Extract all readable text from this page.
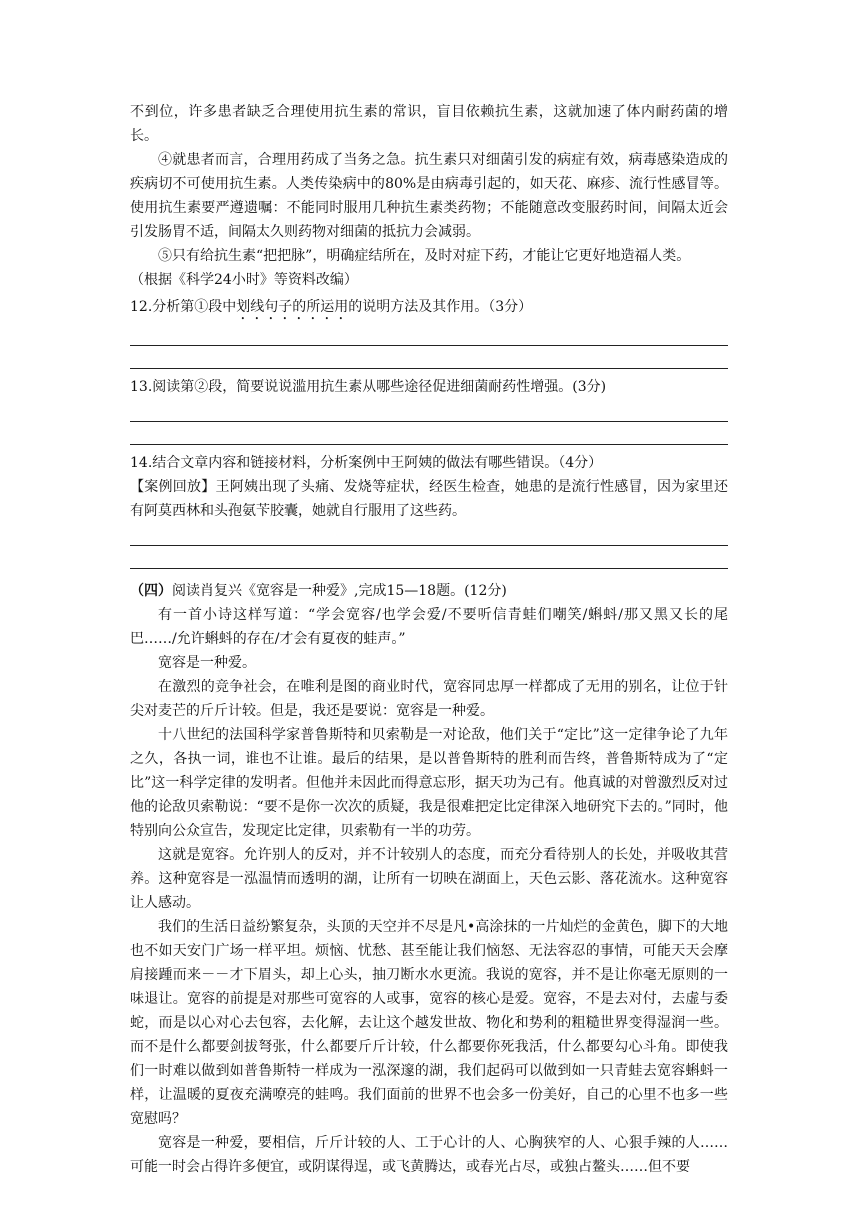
不到位，许多患者缺乏合理使用抗生素的常识，盲目依赖抗生素，这就加速了体内耐药菌的增长。

④就患者而言，合理用药成了当务之急。抗生素只对细菌引发的病症有效，病毒感染造成的疾病切不可使用抗生素。人类传染病中的80%是由病毒引起的，如天花、麻疹、流行性感冒等。使用抗生素要严遵遗嘱：不能同时服用几种抗生素类药物；不能随意改变服药时间，间隔太近会引发肠胃不适，间隔太久则药物对细菌的抵抗力会减弱。

⑤只有给抗生素“把把脉”，明确症结所在，及时对症下药，才能让它更好地造福人类。

（根据《科学24小时》等资料改编）

12.分析第①段中划线句子的所运用的说明方法及其作用。（3分）

13.阅读第②段，简要说说滥用抗生素从哪些途径促进细菌耐药性增强。(3分)

14.结合文章内容和链接材料，分析案例中王阿姨的做法有哪些错误。（4分）

【案例回放】王阿姨出现了头痛、发烧等症状，经医生检查，她患的是流行性感冒，因为家里还有阿莫西林和头孢氨苄胶囊，她就自行服用了这些药。

（四）阅读肖复兴《宽容是一种爱》,完成15—18题。(12分)

有一首小诗这样写道：“学会宽容/也学会爱/不要听信青蛙们嘲笑/蝌蚪/那又黑又长的尾巴……/允许蝌蚪的存在/才会有夏夜的蛙声。”

宽容是一种爱。

在激烈的竞争社会，在唯利是图的商业时代，宽容同忠厚一样都成了无用的别名，让位于针尖对麦芒的斤斤计较。但是，我还是要说：宽容是一种爱。

十八世纪的法国科学家普鲁斯特和贝索勒是一对论敌，他们关于“定比”这一定律争论了九年之久，各执一词，谁也不让谁。最后的结果，是以普鲁斯特的胜利而告终，普鲁斯特成为了“定比”这一科学定律的发明者。但他并未因此而得意忘形，据天功为己有。他真诚的对曾激烈反对过他的论敌贝索勒说：“要不是你一次次的质疑，我是很难把定比定律深入地研究下去的。”同时，他特别向公众宣告，发现定比定律，贝索勒有一半的功劳。

这就是宽容。允许别人的反对，并不计较别人的态度，而充分看待别人的长处，并吸收其营养。这种宽容是一泓温情而透明的湖，让所有一切映在湖面上，天色云影、落花流水。这种宽容让人感动。

我们的生活日益纷繁复杂，头顶的天空并不尽是凡•高涂抹的一片灿烂的金黄色，脚下的大地也不如天安门广场一样平坦。烦恼、忧愁、甚至能让我们恼怒、无法容忍的事情，可能天天会摩肩接踵而来－－才下眉头，却上心头，抽刀断水水更流。我说的宽容，并不是让你毫无原则的一味退让。宽容的前提是对那些可宽容的人或事，宽容的核心是爱。宽容，不是去对付，去虚与委蛇，而是以心对心去包容，去化解，去让这个越发世故、物化和势利的粗糙世界变得湿润一些。而不是什么都要剑拔弩张，什么都要斤斤计较，什么都要你死我活，什么都要勾心斗角。即使我们一时难以做到如普鲁斯特一样成为一泓深邃的湖，我们起码可以做到如一只青蛙去宽容蝌蚪一样，让温暖的夏夜充满嘹亮的蛙鸣。我们面前的世界不也会多一份美好，自己的心里不也多一些宽慰吗？

宽容是一种爱，要相信，斤斤计较的人、工于心计的人、心胸狭窄的人、心狠手辣的人……可能一时会占得许多便宜，或阴谋得逞，或飞黄腾达，或春光占尽，或独占鳌头……但不要
